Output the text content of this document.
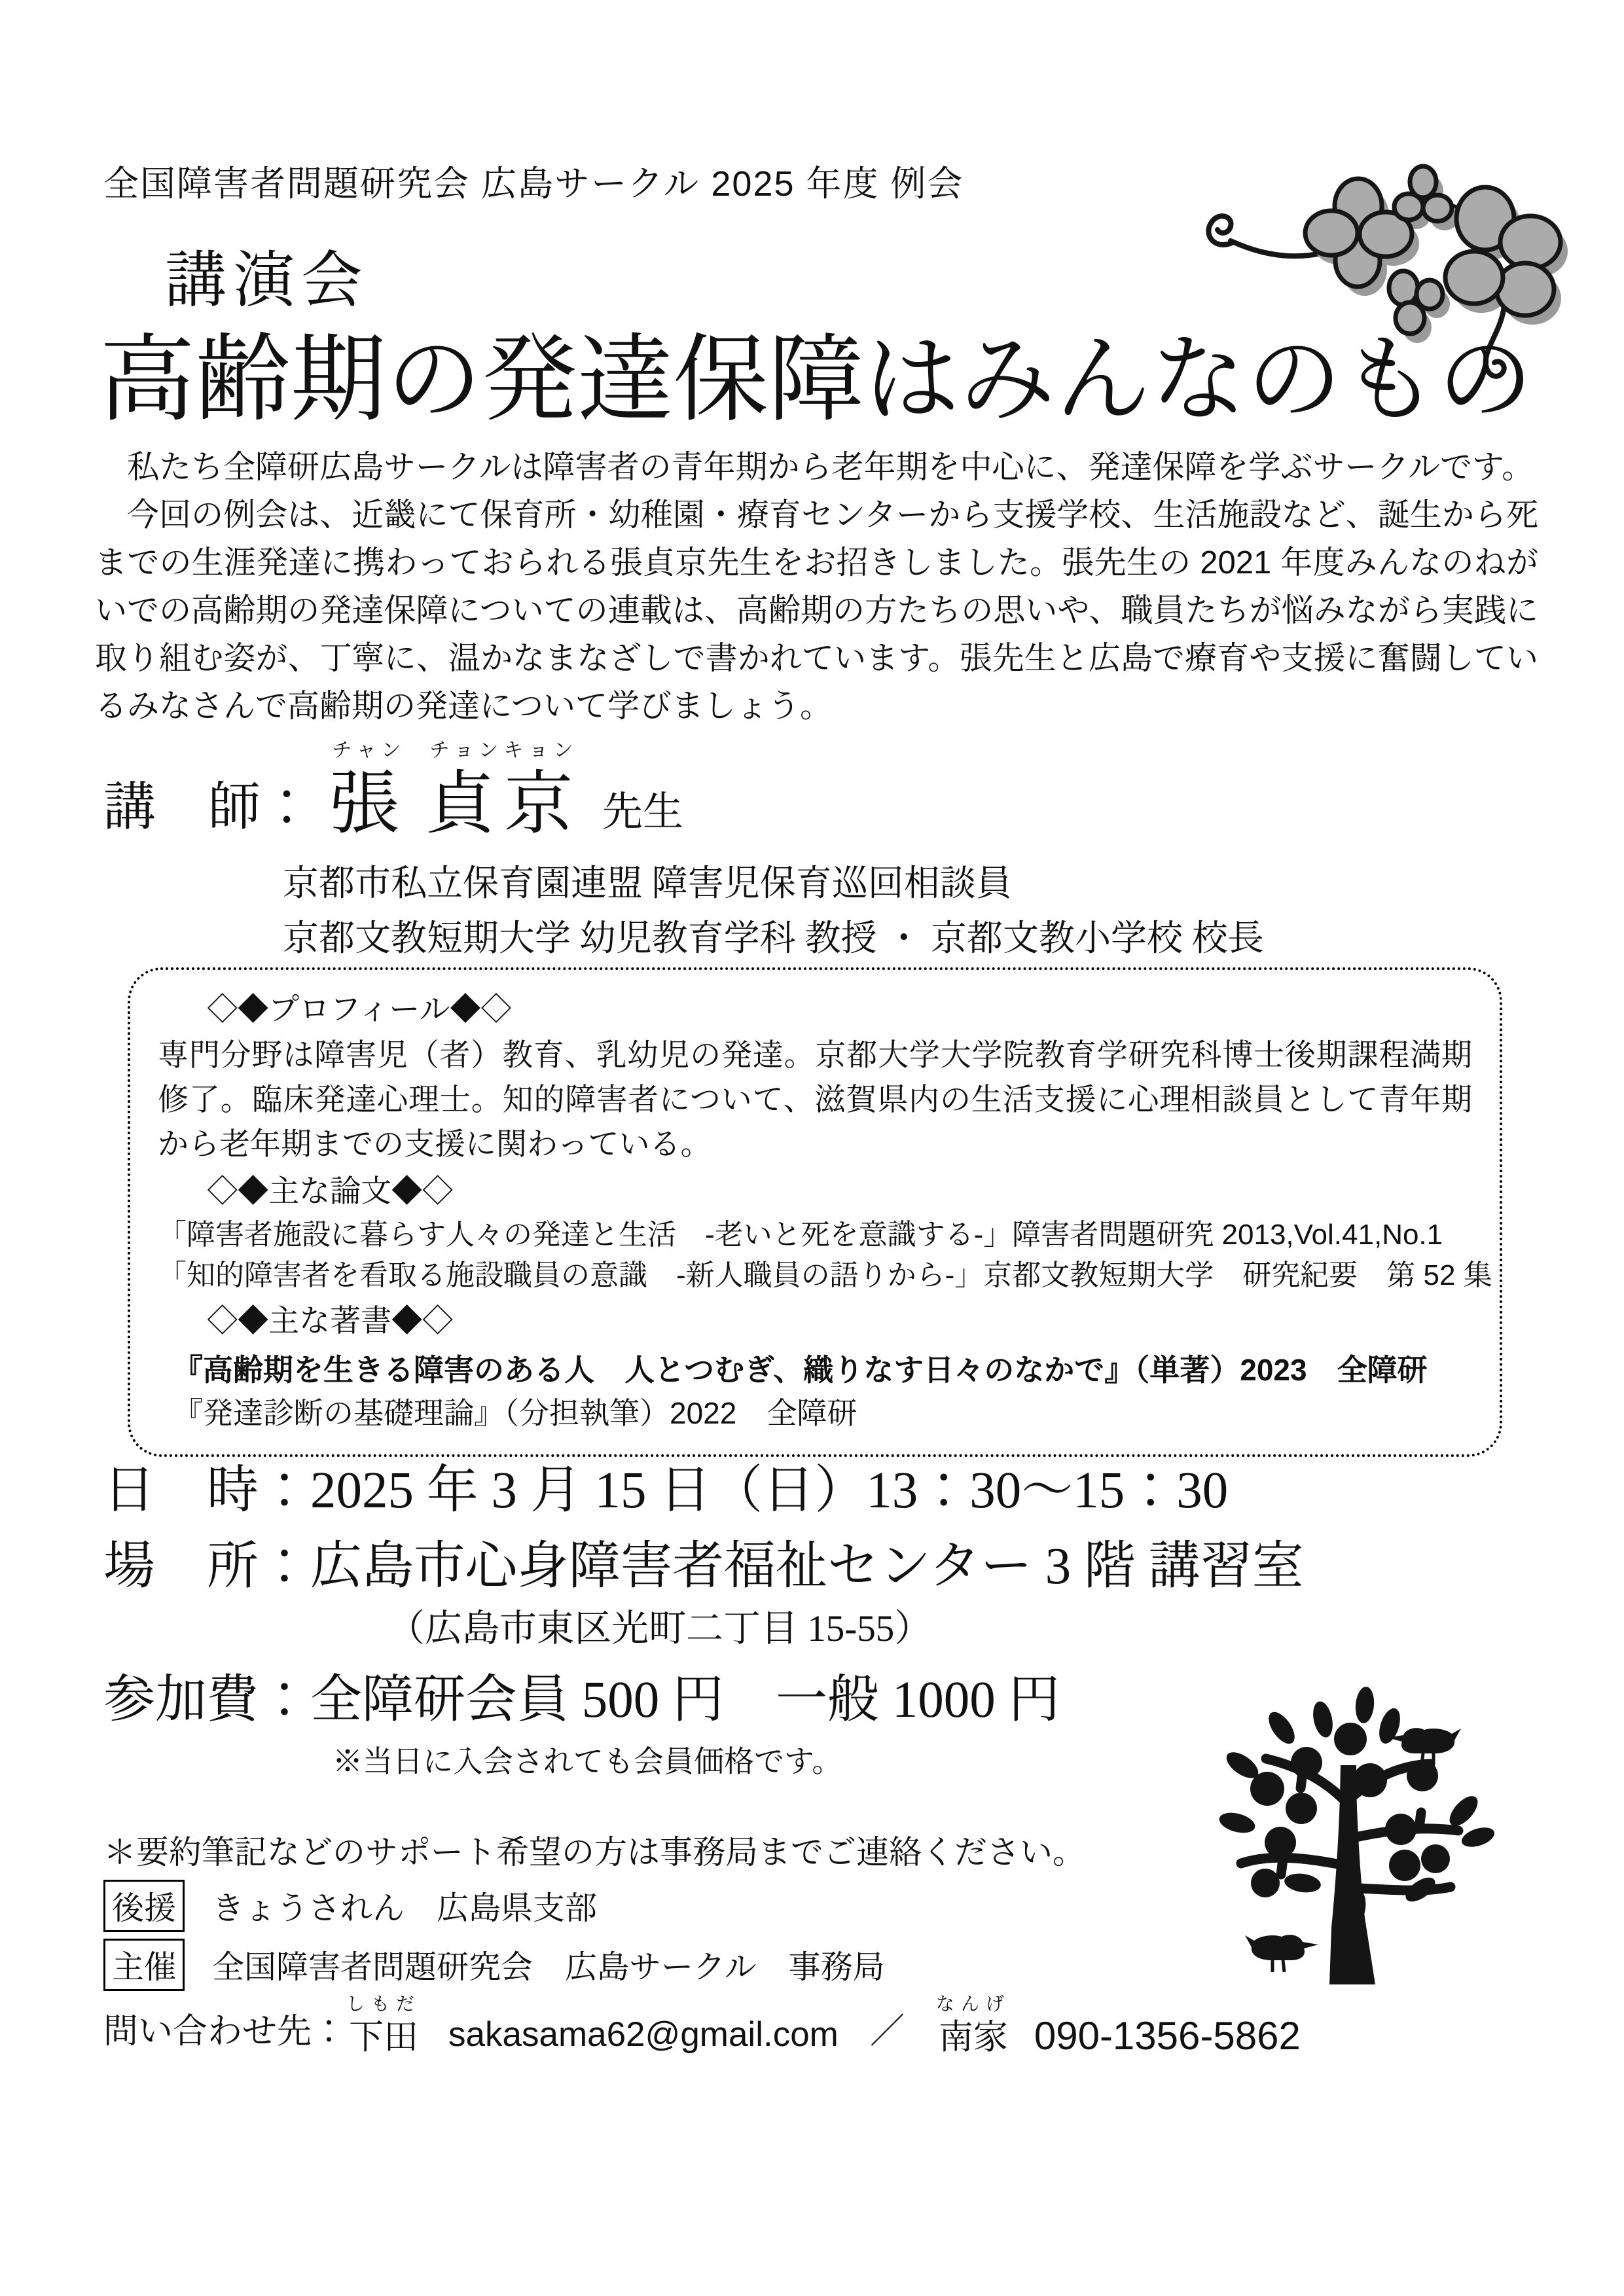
全国障害者問題研究会 広島サークル 2025 年度 例会
講演会
高齢期の発達保障はみんなのもの

　私たち全障研広島サークルは障害者の青年期から老年期を中心に、発達保障を学ぶサークルです。

　今回の例会は、近畿にて保育所・幼稚園・療育センターから支援学校、生活施設など、誕生から死までの生涯発達に携わっておられる張貞京先生をお招きしました。張先生の 2021 年度みんなのねがいでの高齢期の発達保障についての連載は、高齢期の方たちの思いや、職員たちが悩みながら実践に取り組む姿が、丁寧に、温かなまなざしで書かれています。張先生と広島で療育や支援に奮闘しているみなさんで高齢期の発達について学びましょう。

講　師：
チャン
張
チョンキョン
貞京 先生
京都市私立保育園連盟 障害児保育巡回相談員
京都文教短期大学 幼児教育学科 教授 ・ 京都文教小学校 校長

◇◆プロフィール◆◇

専門分野は障害児（者）教育、乳幼児の発達。京都大学大学院教育学研究科博士後期課程満期修了。臨床発達心理士。知的障害者について、滋賀県内の生活支援に心理相談員として青年期から老年期までの支援に関わっている。

◇◆主な論文◆◇

「障害者施設に暮らす人々の発達と生活　-老いと死を意識する-」障害者問題研究 2013,Vol.41,No.1

「知的障害者を看取る施設職員の意識　-新人職員の語りから-」京都文教短期大学　研究紀要　第 52 集

◇◆主な著書◆◇

『高齢期を生きる障害のある人　人とつむぎ、織りなす日々のなかで』（単著）2023　全障研

『発達診断の基礎理論』（分担執筆）2022　全障研

日　時：2025 年 3 月 15 日（日）13：30～15：30
場　所：広島市心身障害者福祉センター 3 階 講習室
（広島市東区光町二丁目 15-55）
参加費：全障研会員 500 円　一般 1000 円
※当日に入会されても会員価格です。
＊要約筆記などのサポート希望の方は事務局までご連絡ください。
後援 きょうされん　広島県支部
主催 全国障害者問題研究会　広島サークル　事務局
問い合わせ先：
しもだ
下田 sakasama62@gmail.com ／
なんげ
南家 090-1356-5862
